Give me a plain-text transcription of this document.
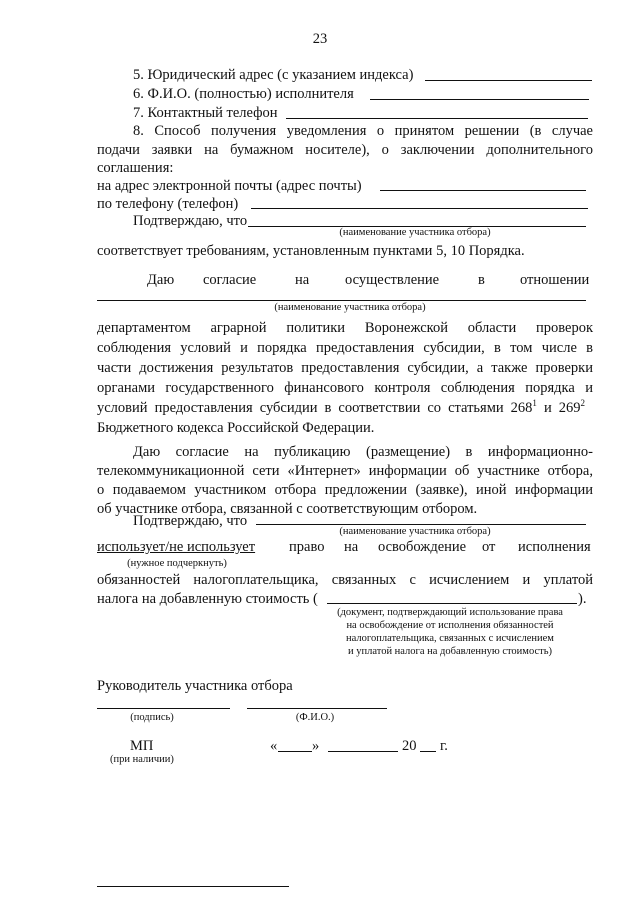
23
5. Юридический адрес (с указанием индекса)
6. Ф.И.О. (полностью) исполнителя
7. Контактный телефон
8. Способ получения уведомления о принятом решении (в случае
подачи заявки на бумажном носителе), о заключении дополнительного
соглашения:
на адрес электронной почты (адрес почты)
по телефону (телефон)
Подтверждаю, что
(наименование участника отбора)
соответствует требованиям, установленным пунктами 5, 10 Порядка.
Даю согласие	на осуществление	в отношении
(наименование участника отбора)
департаментом аграрной политики Воронежской области проверок
соблюдения условий и порядка предоставления субсидии, в том числе в
части достижения результатов предоставления субсидии, а также проверки
органами государственного финансового контроля соблюдения порядка и
условий предоставления субсидии в соответствии со статьями $268^1$ и $269^2$
Бюджетного кодекса Российской Федерации.
Даю согласие на публикацию (размещение) в информационно-
телекоммуникационной сети «Интернет» информации об участнике отбора,
о подаваемом участником отбора предложении (заявке), иной информации
об участнике отбора, связанной с соответствующим отбором.
Подтверждаю, что
(наименование участника отбора)
использует/не использует право на освобождение от исполнения
(нужное подчеркнуть)
обязанностей налогоплательщика, связанных с исчислением и уплатой
налога на добавленную стоимость (	).
(документ, подтверждающий использование права
на освобождение от исполнения обязанностей
налогоплательщика, связанных с исчислением
и уплатой налога на добавленную стоимость)
Руководитель участника отбора
(подпись)	(Ф.И.О.)
МП
(при наличии)
« »	20 г.
